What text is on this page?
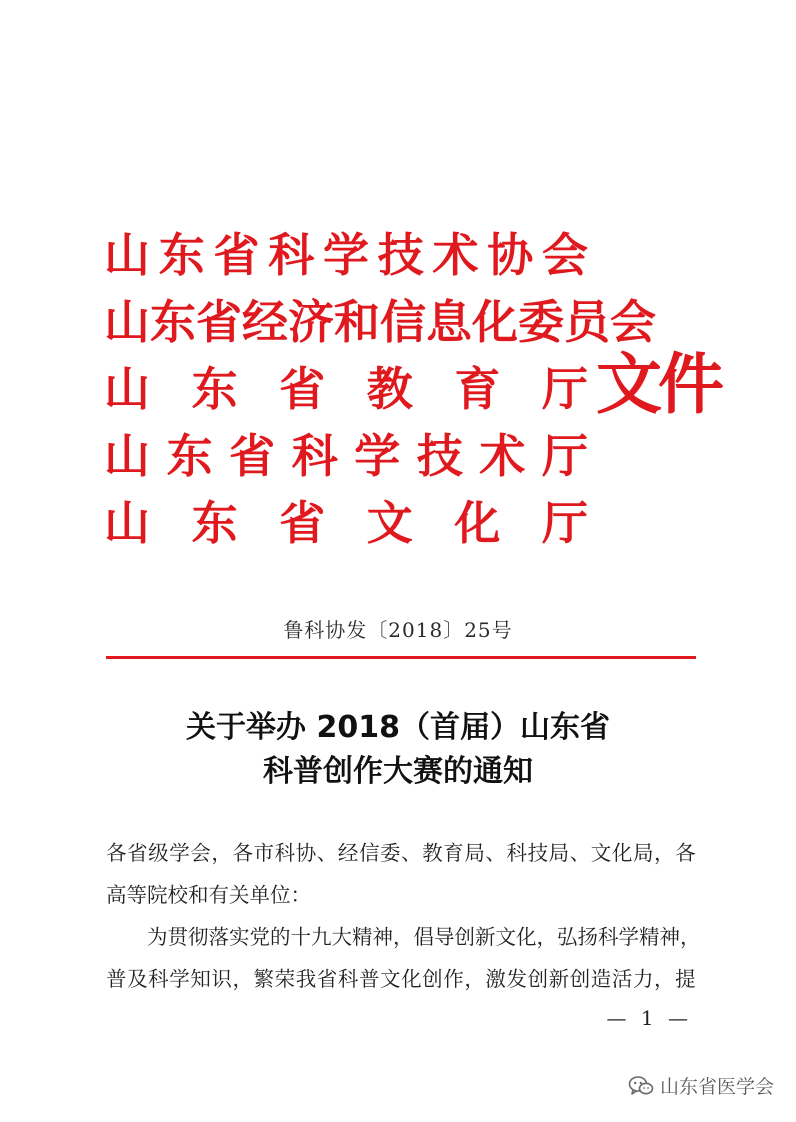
山 东 省 科 学 技 术 协 会
山 东 省 经 济 和 信 息 化 委 员 会
山 东 省 教 育 厅
山 东 省 科 学 技 术 厅
山 东 省 文 化 厅
文件
鲁科协发〔2018〕25号
关于举办 2018（首届）山东省
科普创作大赛的通知
各 省 级 学 会 ， 各 市 科 协 、 经 信 委 、 教 育 局 、 科 技 局 、 文 化 局 ， 各
高等院校和有关单位：
为 贯 彻 落 实 党 的 十 九 大 精 神 ， 倡 导 创 新 文 化 ， 弘 扬 科 学 精 神 ，
普 及 科 学 知 识 ， 繁 荣 我 省 科 普 文 化 创 作 ， 激 发 创 新 创 造 活 力 ， 提
— 1 —
山东省医学会
